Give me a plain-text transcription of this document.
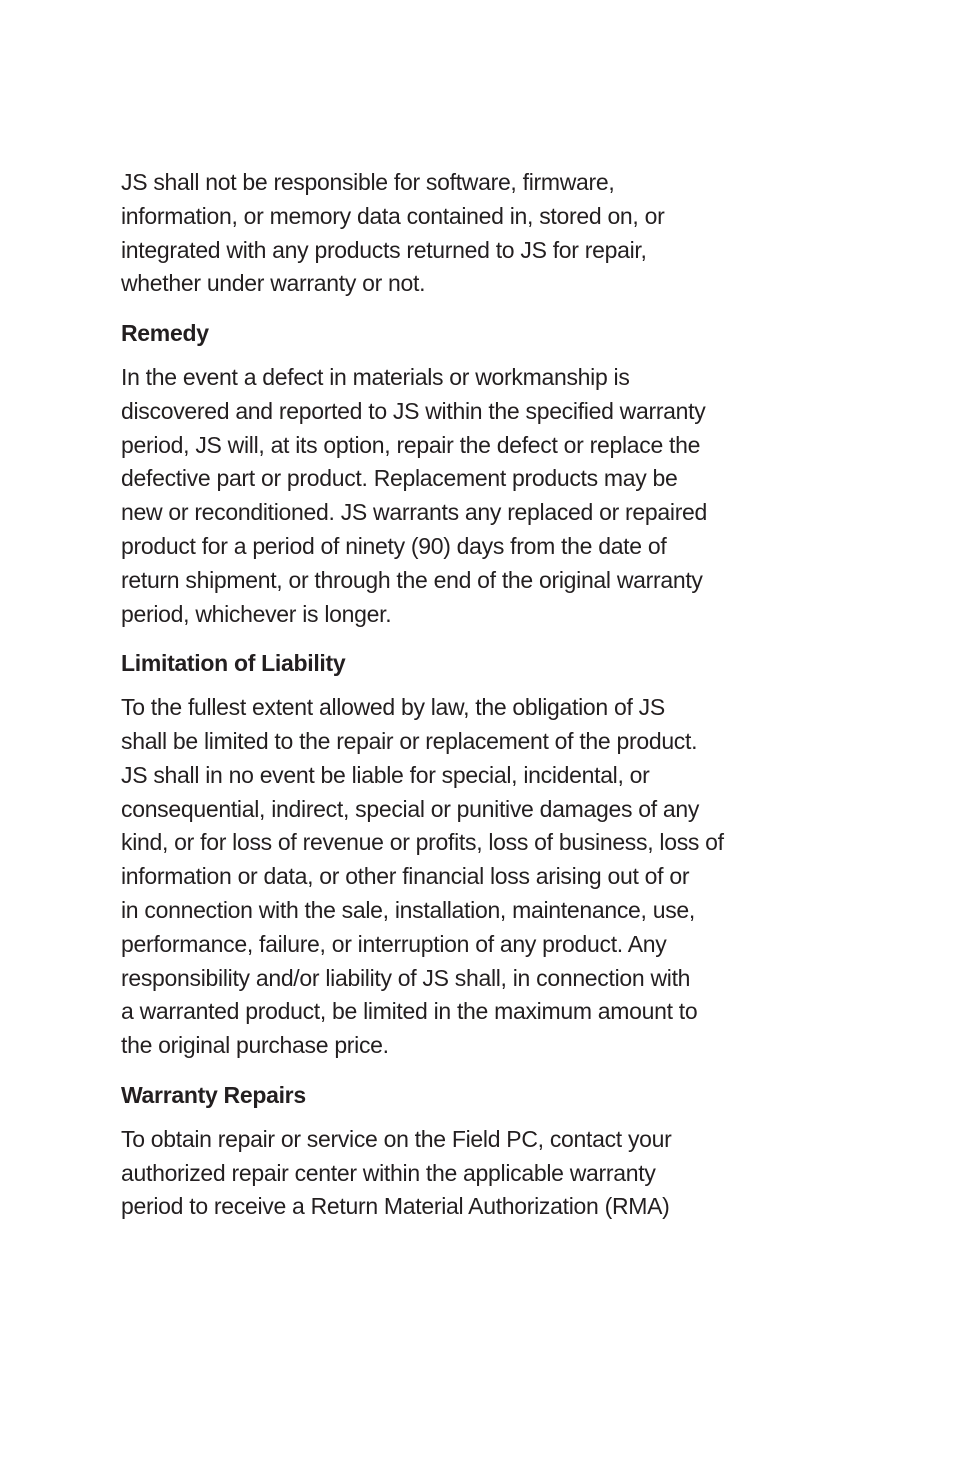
JS shall not be responsible for software, firmware,
information, or memory data contained in, stored on, or
integrated with any products returned to JS for repair,
whether under warranty or not.

Remedy

In the event a defect in materials or workmanship is
discovered and reported to JS within the specified warranty
period, JS will, at its option, repair the defect or replace the
defective part or product. Replacement products may be
new or reconditioned. JS warrants any replaced or repaired
product for a period of ninety (90) days from the date of
return shipment, or through the end of the original warranty
period, whichever is longer.

Limitation of Liability

To the fullest extent allowed by law, the obligation of JS
shall be limited to the repair or replacement of the product.
JS shall in no event be liable for special, incidental, or
consequential, indirect, special or punitive damages of any
kind, or for loss of revenue or profits, loss of business, loss of
information or data, or other financial loss arising out of or
in connection with the sale, installation, maintenance, use,
performance, failure, or interruption of any product. Any
responsibility and/or liability of JS shall, in connection with
a warranted product, be limited in the maximum amount to
the original purchase price.

Warranty Repairs

To obtain repair or service on the Field PC, contact your
authorized repair center within the applicable warranty
period to receive a Return Material Authorization (RMA)
